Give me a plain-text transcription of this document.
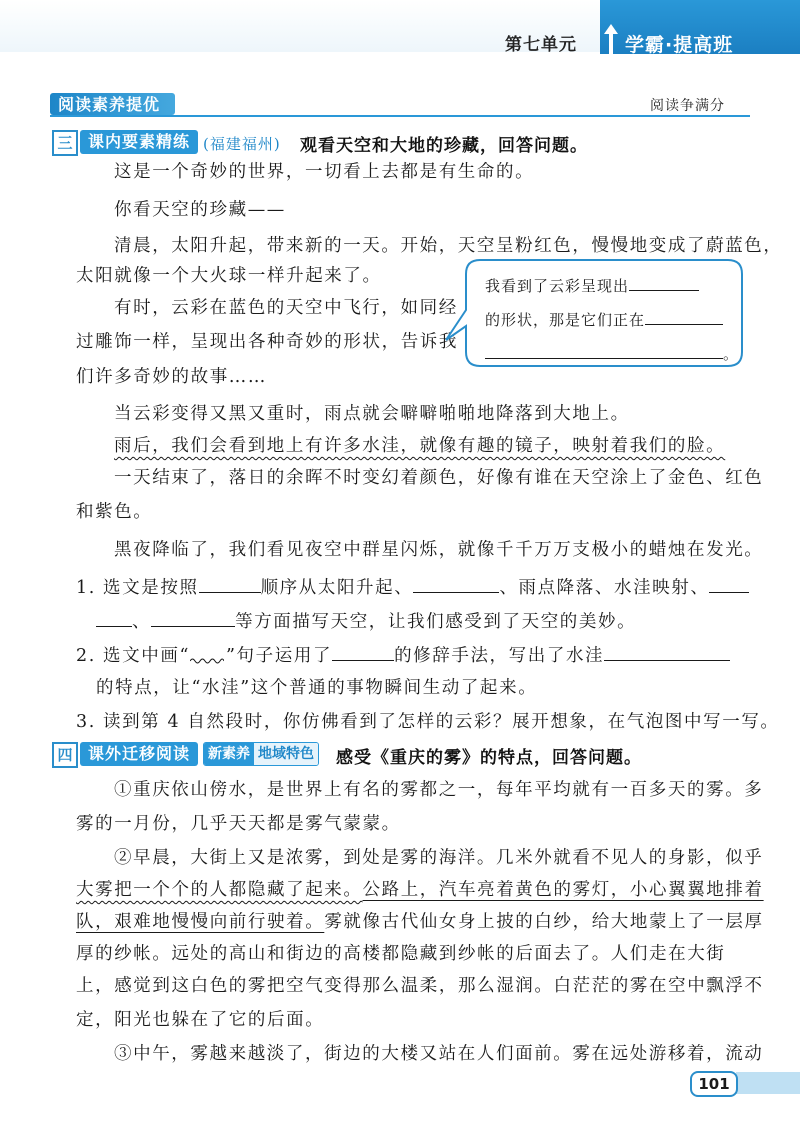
第七单元	学霸·提高班
阅读素养提优	阅读争满分
三 课内要素精练 (福建福州) 观看天空和大地的珍藏，回答问题。
这是一个奇妙的世界，一切看上去都是有生命的。
你看天空的珍藏——
清晨，太阳升起，带来新的一天。开始，天空呈粉红色，慢慢地变成了蔚蓝色，
太阳就像一个大火球一样升起来了。
有时，云彩在蓝色的天空中飞行，如同经
过雕饰一样，呈现出各种奇妙的形状，告诉我
们许多奇妙的故事……
当云彩变得又黑又重时，雨点就会噼噼啪啪地降落到大地上。
雨后，我们会看到地上有许多水洼，就像有趣的镜子，映射着我们的脸。
一天结束了，落日的余晖不时变幻着颜色，好像有谁在天空涂上了金色、红色
和紫色。
黑夜降临了，我们看见夜空中群星闪烁，就像千千万万支极小的蜡烛在发光。
我看到了云彩呈现出
的形状，那是它们正在
。
1. 选文是按照	顺序从太阳升起、	、雨点降落、水洼映射、
、	等方面描写天空，让我们感受到了天空的美妙。
2. 选文中画“ ”句子运用了	的修辞手法，写出了水洼
的特点，让“水洼”这个普通的事物瞬间生动了起来。
3. 读到第 4 自然段时，你仿佛看到了怎样的云彩？展开想象，在气泡图中写一写。
四 课外迁移阅读	新素养 地域特色 感受《重庆的雾》的特点，回答问题。
①重庆依山傍水，是世界上有名的雾都之一，每年平均就有一百多天的雾。多
雾的一月份，几乎天天都是雾气蒙蒙。
②早晨，大街上又是浓雾，到处是雾的海洋。几米外就看不见人的身影，似乎
大雾把一个个的人都隐藏了起来。公路上，汽车亮着黄色的雾灯，小心翼翼地排着
队，艰难地慢慢向前行驶着。雾就像古代仙女身上披的白纱，给大地蒙上了一层厚
厚的纱帐。远处的高山和街边的高楼都隐藏到纱帐的后面去了。人们走在大街
上，感觉到这白色的雾把空气变得那么温柔，那么湿润。白茫茫的雾在空中飘浮不
定，阳光也躲在了它的后面。
③中午，雾越来越淡了，街边的大楼又站在人们面前。雾在远处游移着，流动
101
